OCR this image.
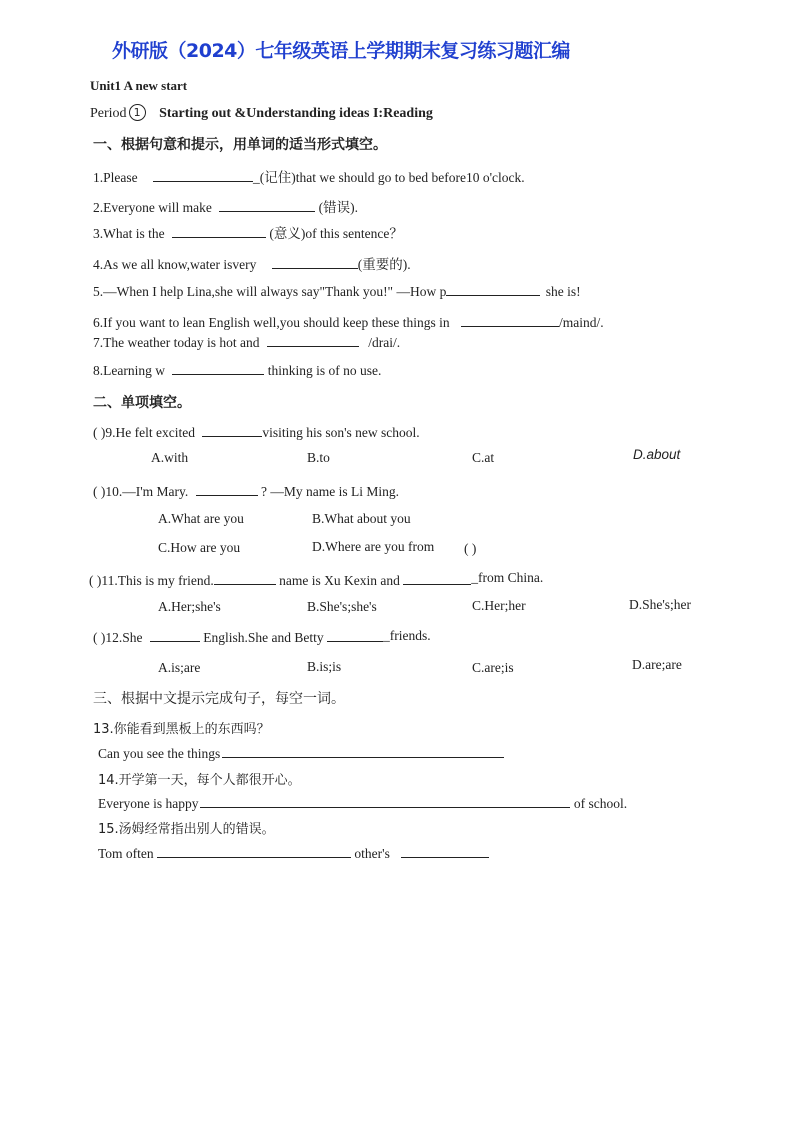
外研版（2024）七年级英语上学期期末复习练习题汇编
Unit1 A new start
Period 1 Starting out &Understanding ideas I:Reading
一、根据句意和提示，用单词的适当形式填空。
1.Please	_(记住)that we should go to bed before10 o'clock.
2.Everyone will make	(错误).
3.What is the	(意义)of this sentence？
4.As we all know,water isvery	(重要的).
5.—When I help Lina,she will always say"Thank you!" —How p	she is!
6.If you want to lean English well,you should keep these things in	/maind/.
7.The weather today is hot and	/drai/.
8.Learning w	thinking is of no use.
二、单项填空。
( )9.He felt excited	visiting his son's new school.
A.with	B.to	C.at	D.about
( )10.—I'm Mary.	? —My name is Li Ming.
A.What are you	B.What about you
C.How are you	D.Where are you from ( )
( )11.This is my friend.	name is Xu Kexin and	_from China.
A.Her;she's	B.She's;she's	C.Her;her	D.She's;her
( )12.She	English.She and Betty	_friends.
A.is;are	B.is;is	C.are;is	D.are;are
三、根据中文提示完成句子，每空一词。
13.你能看到黑板上的东西吗？
Can you see the things
14.开学第一天，每个人都很开心。
Everyone is happy	of school.
15.汤姆经常指出别人的错误。
Tom often	other's
